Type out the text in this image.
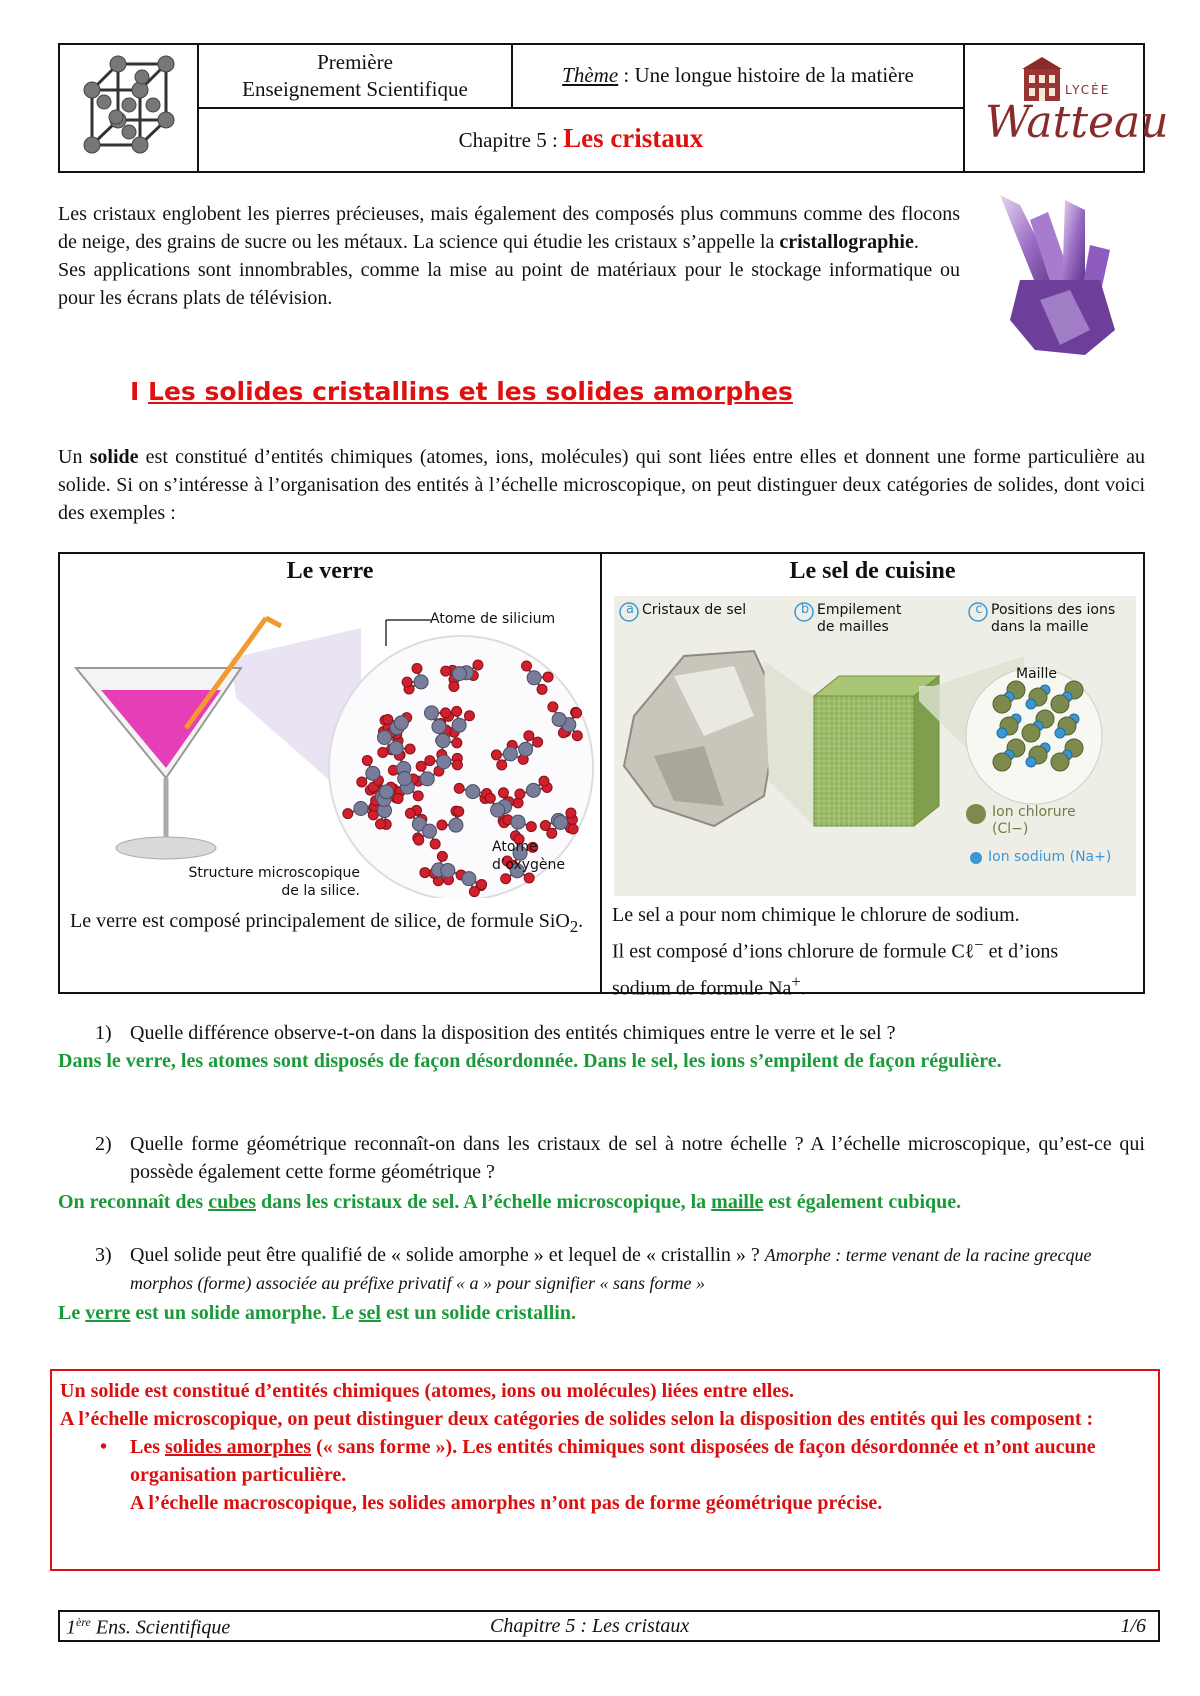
Première
Enseignement Scientifique
Thème : Une longue histoire de la matière
Chapitre 5 : Les cristaux
LYCÉE
Watteau
Les cristaux englobent les pierres précieuses, mais également des composés plus communs comme des flocons de neige, des grains de sucre ou les métaux. La science qui étudie les cristaux s’appelle la cristallographie.
Ses applications sont innombrables, comme la mise au point de matériaux pour le stockage informatique ou pour les écrans plats de télévision.
I Les solides cristallins et les solides amorphes
Un solide est constitué d’entités chimiques (atomes, ions, molécules) qui sont liées entre elles et donnent une forme particulière au solide. Si on s’intéresse à l’organisation des entités à l’échelle microscopique, on peut distinguer deux catégories de solides, dont voici des exemples :
Le verre
Atome de silicium
Atome
d’oxygène
Structure microscopique
de la silice.
Le verre est composé principalement de silice, de formule SiO$_2$.
Le sel de cuisine
a Cristaux de sel	b Empilement
de mailles
c Positions des ions
dans la maille
Maille
Ion chlorure
(Cl−)
Ion sodium (Na+)
Le sel a pour nom chimique le chlorure de sodium.
Il est composé d’ions chlorure de formule Cℓ− et d’ions
sodium de formule Na+.
1) Quelle différence observe-t-on dans la disposition des entités chimiques entre le verre et le sel ?
Dans le verre, les atomes sont disposés de façon désordonnée. Dans le sel, les ions s’empilent de façon régulière.
2) Quelle forme géométrique reconnaît-on dans les cristaux de sel à notre échelle ? A l’échelle microscopique, qu’est-ce qui possède également cette forme géométrique ?
On reconnaît des cubes dans les cristaux de sel. A l’échelle microscopique, la maille est également cubique.
3) Quel solide peut être qualifié de « solide amorphe » et lequel de « cristallin » ? Amorphe : terme venant de la racine grecque morphos (forme) associée au préfixe privatif « a » pour signifier « sans forme »
Le verre est un solide amorphe. Le sel est un solide cristallin.
Un solide est constitué d’entités chimiques (atomes, ions ou molécules) liées entre elles.
A l’échelle microscopique, on peut distinguer deux catégories de solides selon la disposition des entités qui les composent :
• Les solides amorphes (« sans forme »). Les entités chimiques sont disposées de façon désordonnée et n’ont aucune organisation particulière.
A l’échelle macroscopique, les solides amorphes n’ont pas de forme géométrique précise.
1ère Ens. Scientifique	Chapitre 5 : Les cristaux	1/6
